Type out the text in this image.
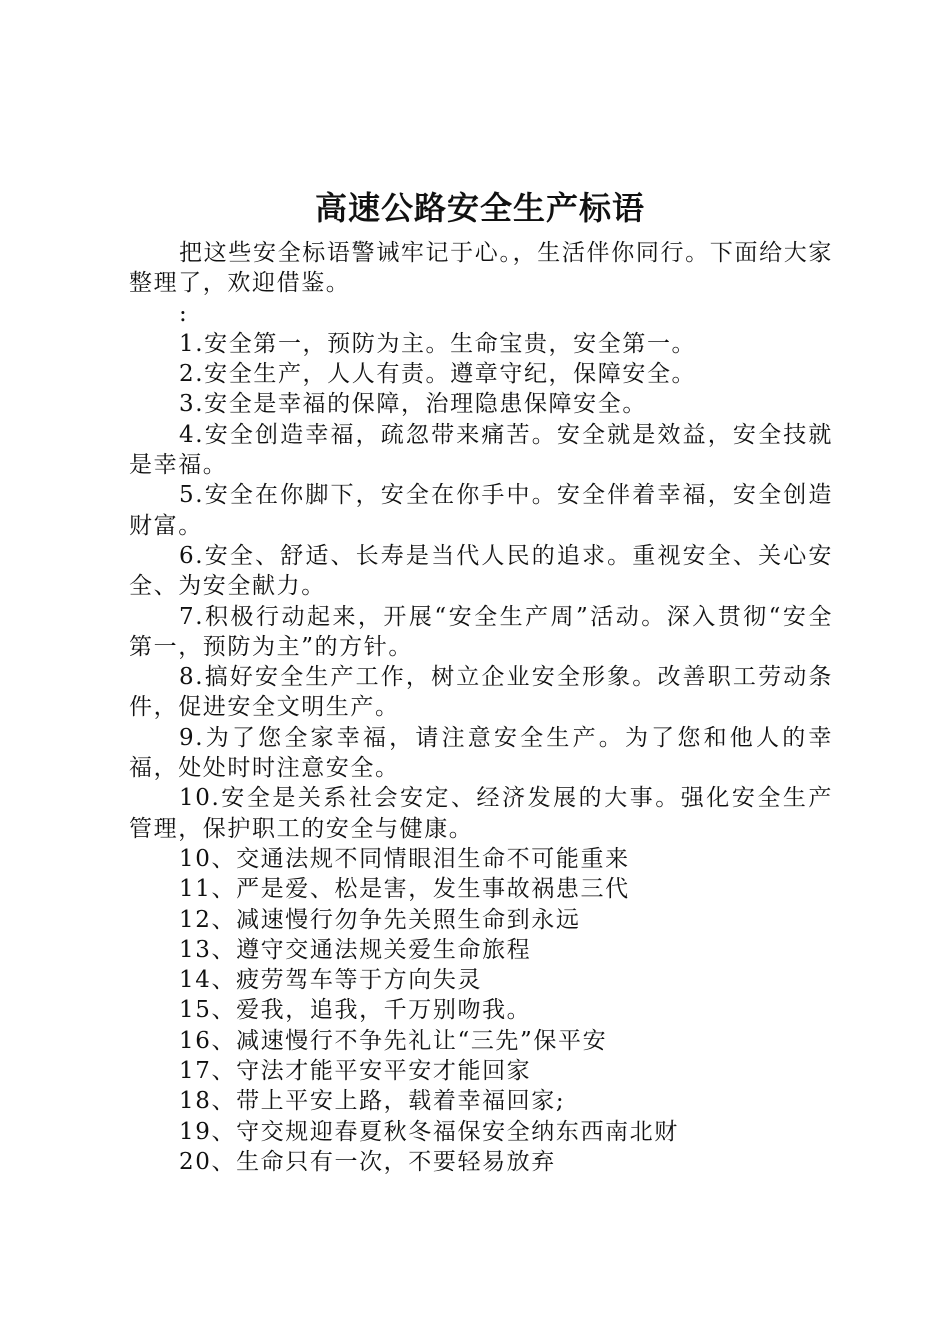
高速公路安全生产标语

把这些安全标语警诫牢记于心。，生活伴你同行。下面给大家整理了，欢迎借鉴。

:

1.安全第一，预防为主。生命宝贵，安全第一。

2.安全生产，人人有责。遵章守纪，保障安全。

3.安全是幸福的保障，治理隐患保障安全。

4.安全创造幸福，疏忽带来痛苦。安全就是效益，安全技就是幸福。

5.安全在你脚下，安全在你手中。安全伴着幸福，安全创造财富。

6.安全、舒适、长寿是当代人民的追求。重视安全、关心安全、为安全献力。

7.积极行动起来，开展“安全生产周”活动。深入贯彻“安全第一，预防为主”的方针。

8.搞好安全生产工作，树立企业安全形象。改善职工劳动条件，促进安全文明生产。

9.为了您全家幸福，请注意安全生产。为了您和他人的幸福，处处时时注意安全。

10.安全是关系社会安定、经济发展的大事。强化安全生产管理，保护职工的安全与健康。

10、交通法规不同情眼泪生命不可能重来

11、严是爱、松是害，发生事故祸患三代

12、减速慢行勿争先关照生命到永远

13、遵守交通法规关爱生命旅程

14、疲劳驾车等于方向失灵

15、爱我，追我，千万别吻我。

16、减速慢行不争先礼让“三先”保平安

17、守法才能平安平安才能回家

18、带上平安上路，载着幸福回家;

19、守交规迎春夏秋冬福保安全纳东西南北财

20、生命只有一次，不要轻易放弃
